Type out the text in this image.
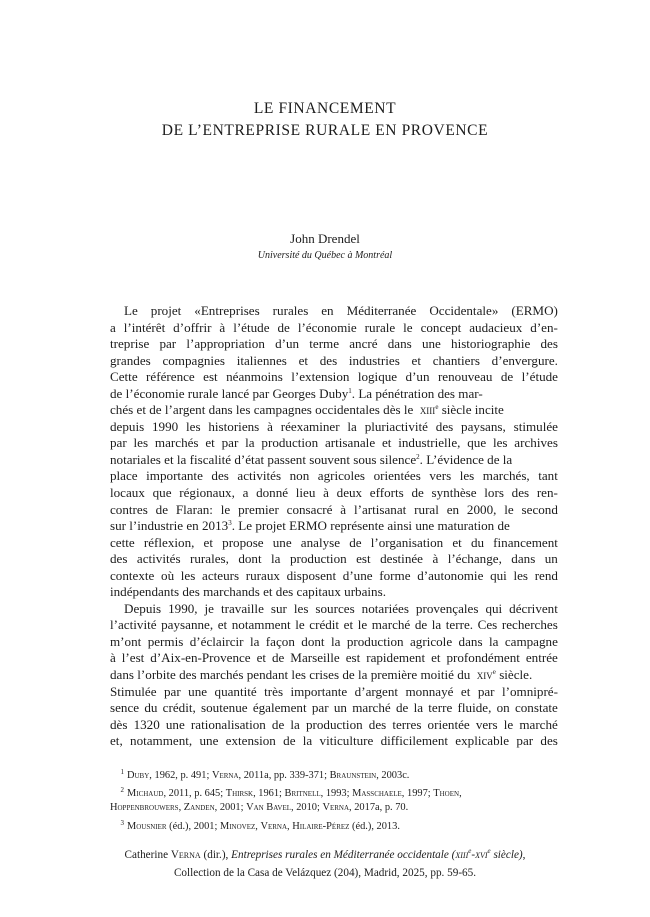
LE FINANCEMENT
DE L’ENTREPRISE RURALE EN PROVENCE
John Drendel
Université du Québec à Montréal
Le projet «Entreprises rurales en Méditerranée Occidentale» (ERMO)
a l’intérêt d’offrir à l’étude de l’économie rurale le concept audacieux d’en-
treprise par l’appropriation d’un terme ancré dans une historiographie des
grandes compagnies italiennes et des industries et chantiers d’envergure.
Cette référence est néanmoins l’extension logique d’un renouveau de l’étude
de l’économie rurale lancé par Georges Duby$^1$. La pénétration des mar-
chés et de l’argent dans les campagnes occidentales dès le xiii$^e$ siècle incite
depuis 1990 les historiens à réexaminer la pluriactivité des paysans, stimulée
par les marchés et par la production artisanale et industrielle, que les archives
notariales et la fiscalité d’état passent souvent sous silence$^2$. L’évidence de la
place importante des activités non agricoles orientées vers les marchés, tant
locaux que régionaux, a donné lieu à deux efforts de synthèse lors des ren-
contres de Flaran: le premier consacré à l’artisanat rural en 2000, le second
sur l’industrie en 2013$^3$. Le projet ERMO représente ainsi une maturation de
cette réflexion, et propose une analyse de l’organisation et du financement
des activités rurales, dont la production est destinée à l’échange, dans un
contexte où les acteurs ruraux disposent d’une forme d’autonomie qui les rend
indépendants des marchands et des capitaux urbains.
Depuis 1990, je travaille sur les sources notariées provençales qui décrivent
l’activité paysanne, et notamment le crédit et le marché de la terre. Ces recherches
m’ont permis d’éclaircir la façon dont la production agricole dans la campagne
à l’est d’Aix-en-Provence et de Marseille est rapidement et profondément entrée
dans l’orbite des marchés pendant les crises de la première moitié du xiv$^e$ siècle.
Stimulée par une quantité très importante d’argent monnayé et par l’omnipré-
sence du crédit, soutenue également par un marché de la terre fluide, on constate
dès 1320 une rationalisation de la production des terres orientée vers le marché
et, notamment, une extension de la viticulture difficilement explicable par des
1 Duby, 1962, p. 491; Verna, 2011a, pp. 339-371; Braunstein, 2003c.
2 Michaud, 2011, p. 645; Thirsk, 1961; Britnell, 1993; Masschaele, 1997; Thoen,
Hoppenbrouwers, Zanden, 2001; Van Bavel, 2010; Verna, 2017a, p. 70.
3 Mousnier (éd.), 2001; Minovez, Verna, Hilaire-Pérez (éd.), 2013.
Catherine Verna (dir.), Entreprises rurales en Méditerranée occidentale (xiii$^e$-xvi$^e$ siècle),
Collection de la Casa de Velázquez (204), Madrid, 2025, pp. 59-65.
